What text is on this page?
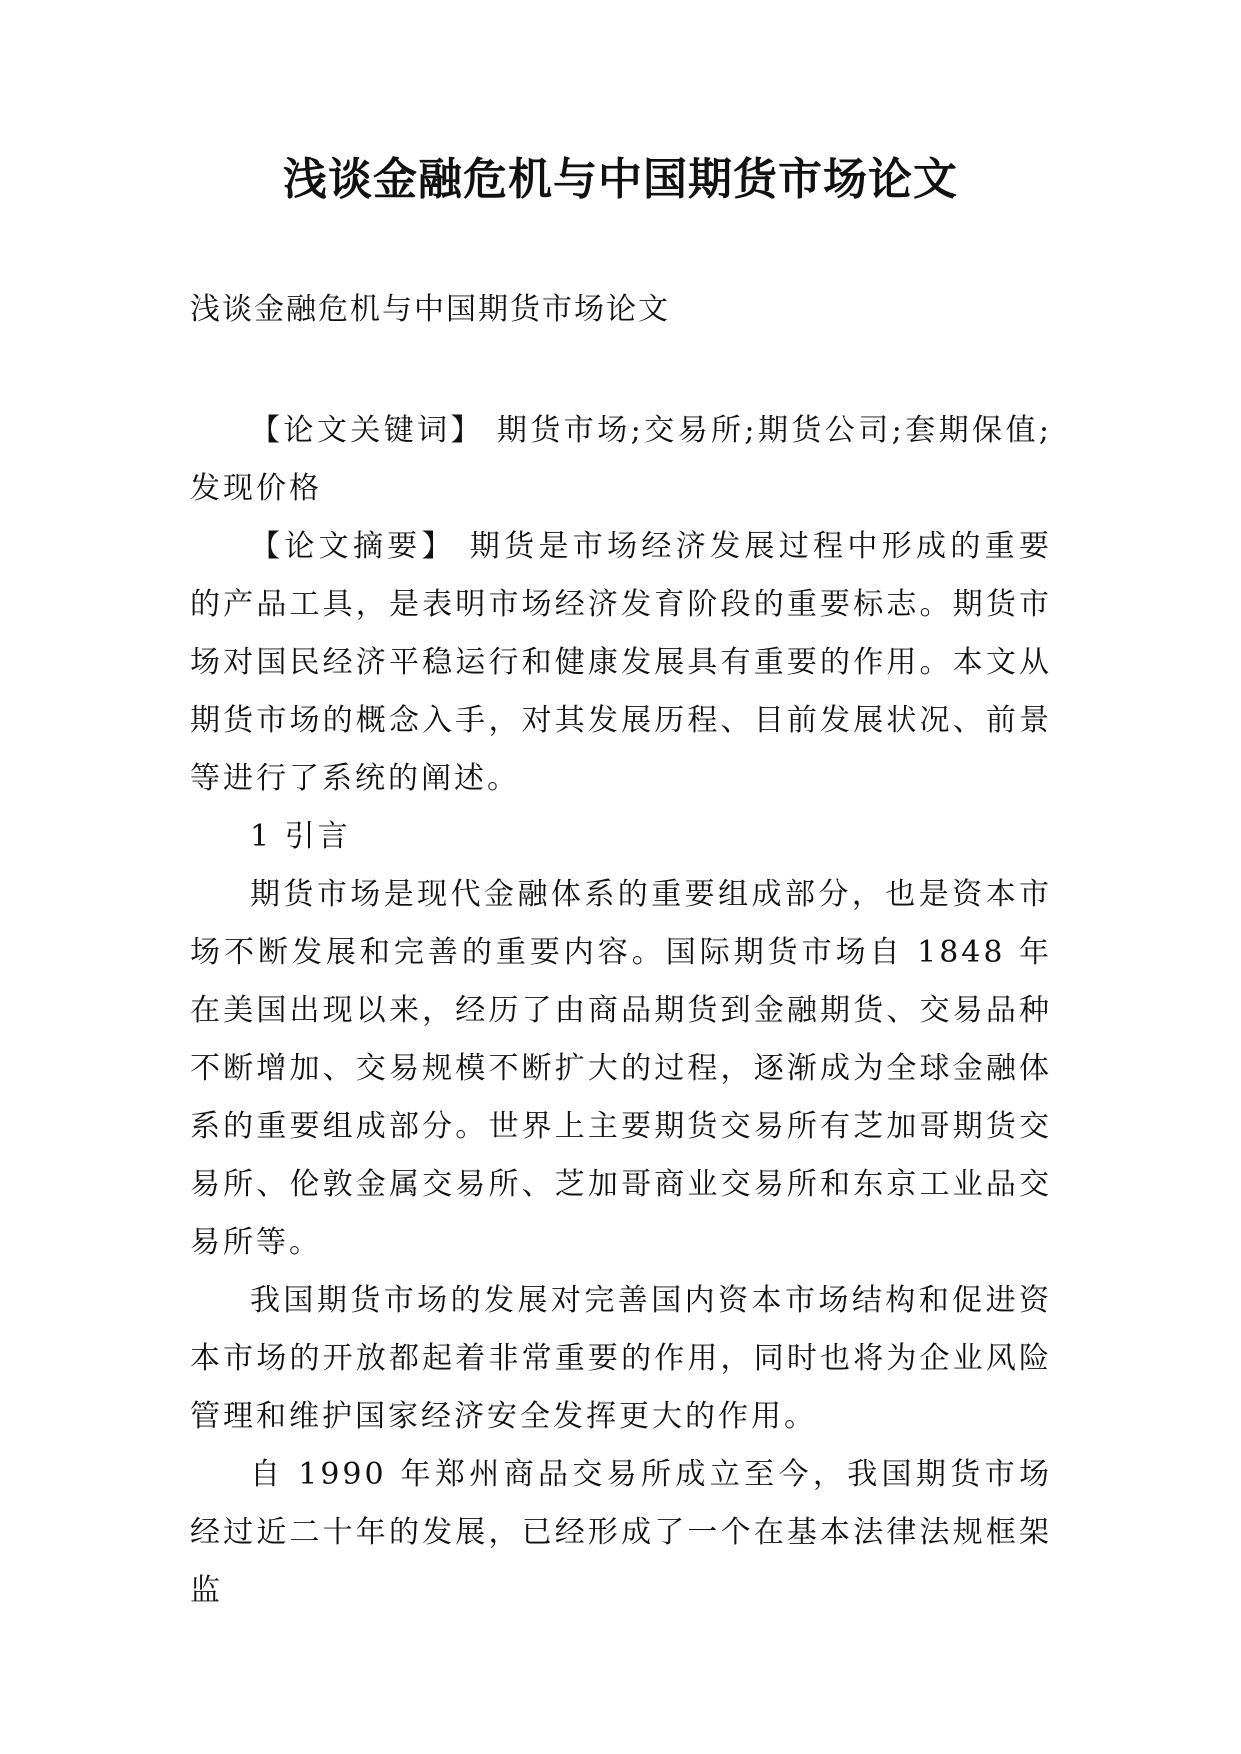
浅谈金融危机与中国期货市场论文

浅谈金融危机与中国期货市场论文

【论文关键词】 期货市场;交易所;期货公司;套期保值;发现价格

【论文摘要】 期货是市场经济发展过程中形成的重要的产品工具，是表明市场经济发育阶段的重要标志。期货市场对国民经济平稳运行和健康发展具有重要的作用。本文从期货市场的概念入手，对其发展历程、目前发展状况、前景等进行了系统的阐述。

1 引言

期货市场是现代金融体系的重要组成部分，也是资本市场不断发展和完善的重要内容。国际期货市场自 1848 年在美国出现以来，经历了由商品期货到金融期货、交易品种不断增加、交易规模不断扩大的过程，逐渐成为全球金融体系的重要组成部分。世界上主要期货交易所有芝加哥期货交易所、伦敦金属交易所、芝加哥商业交易所和东京工业品交易所等。

我国期货市场的发展对完善国内资本市场结构和促进资本市场的开放都起着非常重要的作用，同时也将为企业风险管理和维护国家经济安全发挥更大的作用。

自 1990 年郑州商品交易所成立至今，我国期货市场经过近二十年的发展，已经形成了一个在基本法律法规框架监
